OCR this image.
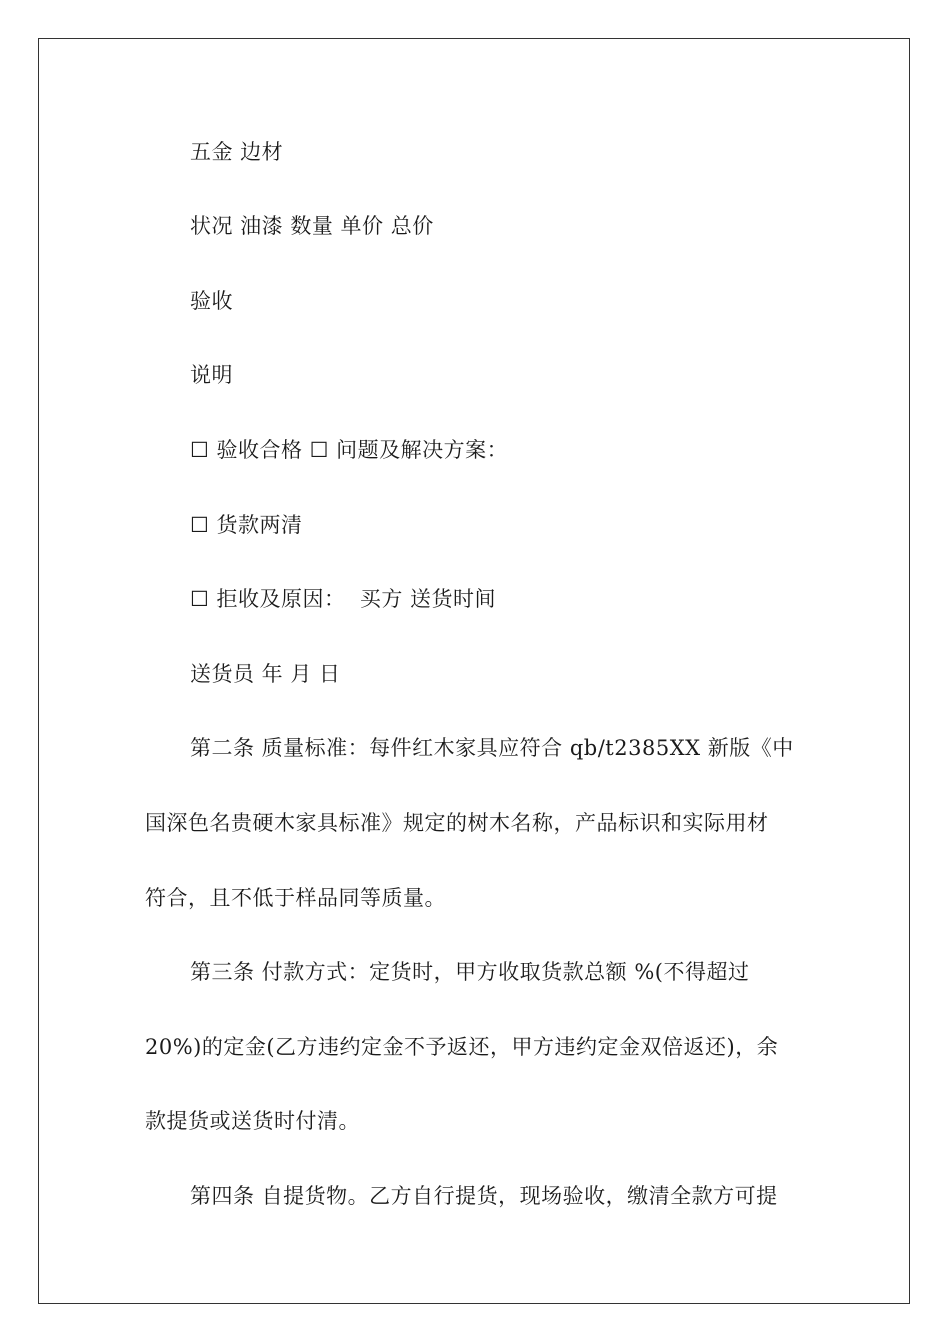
五金 边材
状况 油漆 数量 单价 总价
验收
说明
☐ 验收合格 ☐ 问题及解决方案：
☐ 货款两清
☐ 拒收及原因：  买方 送货时间
送货员 年 月 日
第二条 质量标准：每件红木家具应符合 qb/t2385XX 新版《中
国深色名贵硬木家具标准》规定的树木名称，产品标识和实际用材
符合，且不低于样品同等质量。
第三条 付款方式：定货时，甲方收取货款总额 %(不得超过
20%)的定金(乙方违约定金不予返还，甲方违约定金双倍返还)，余
款提货或送货时付清。
第四条 自提货物。乙方自行提货，现场验收，缴清全款方可提
